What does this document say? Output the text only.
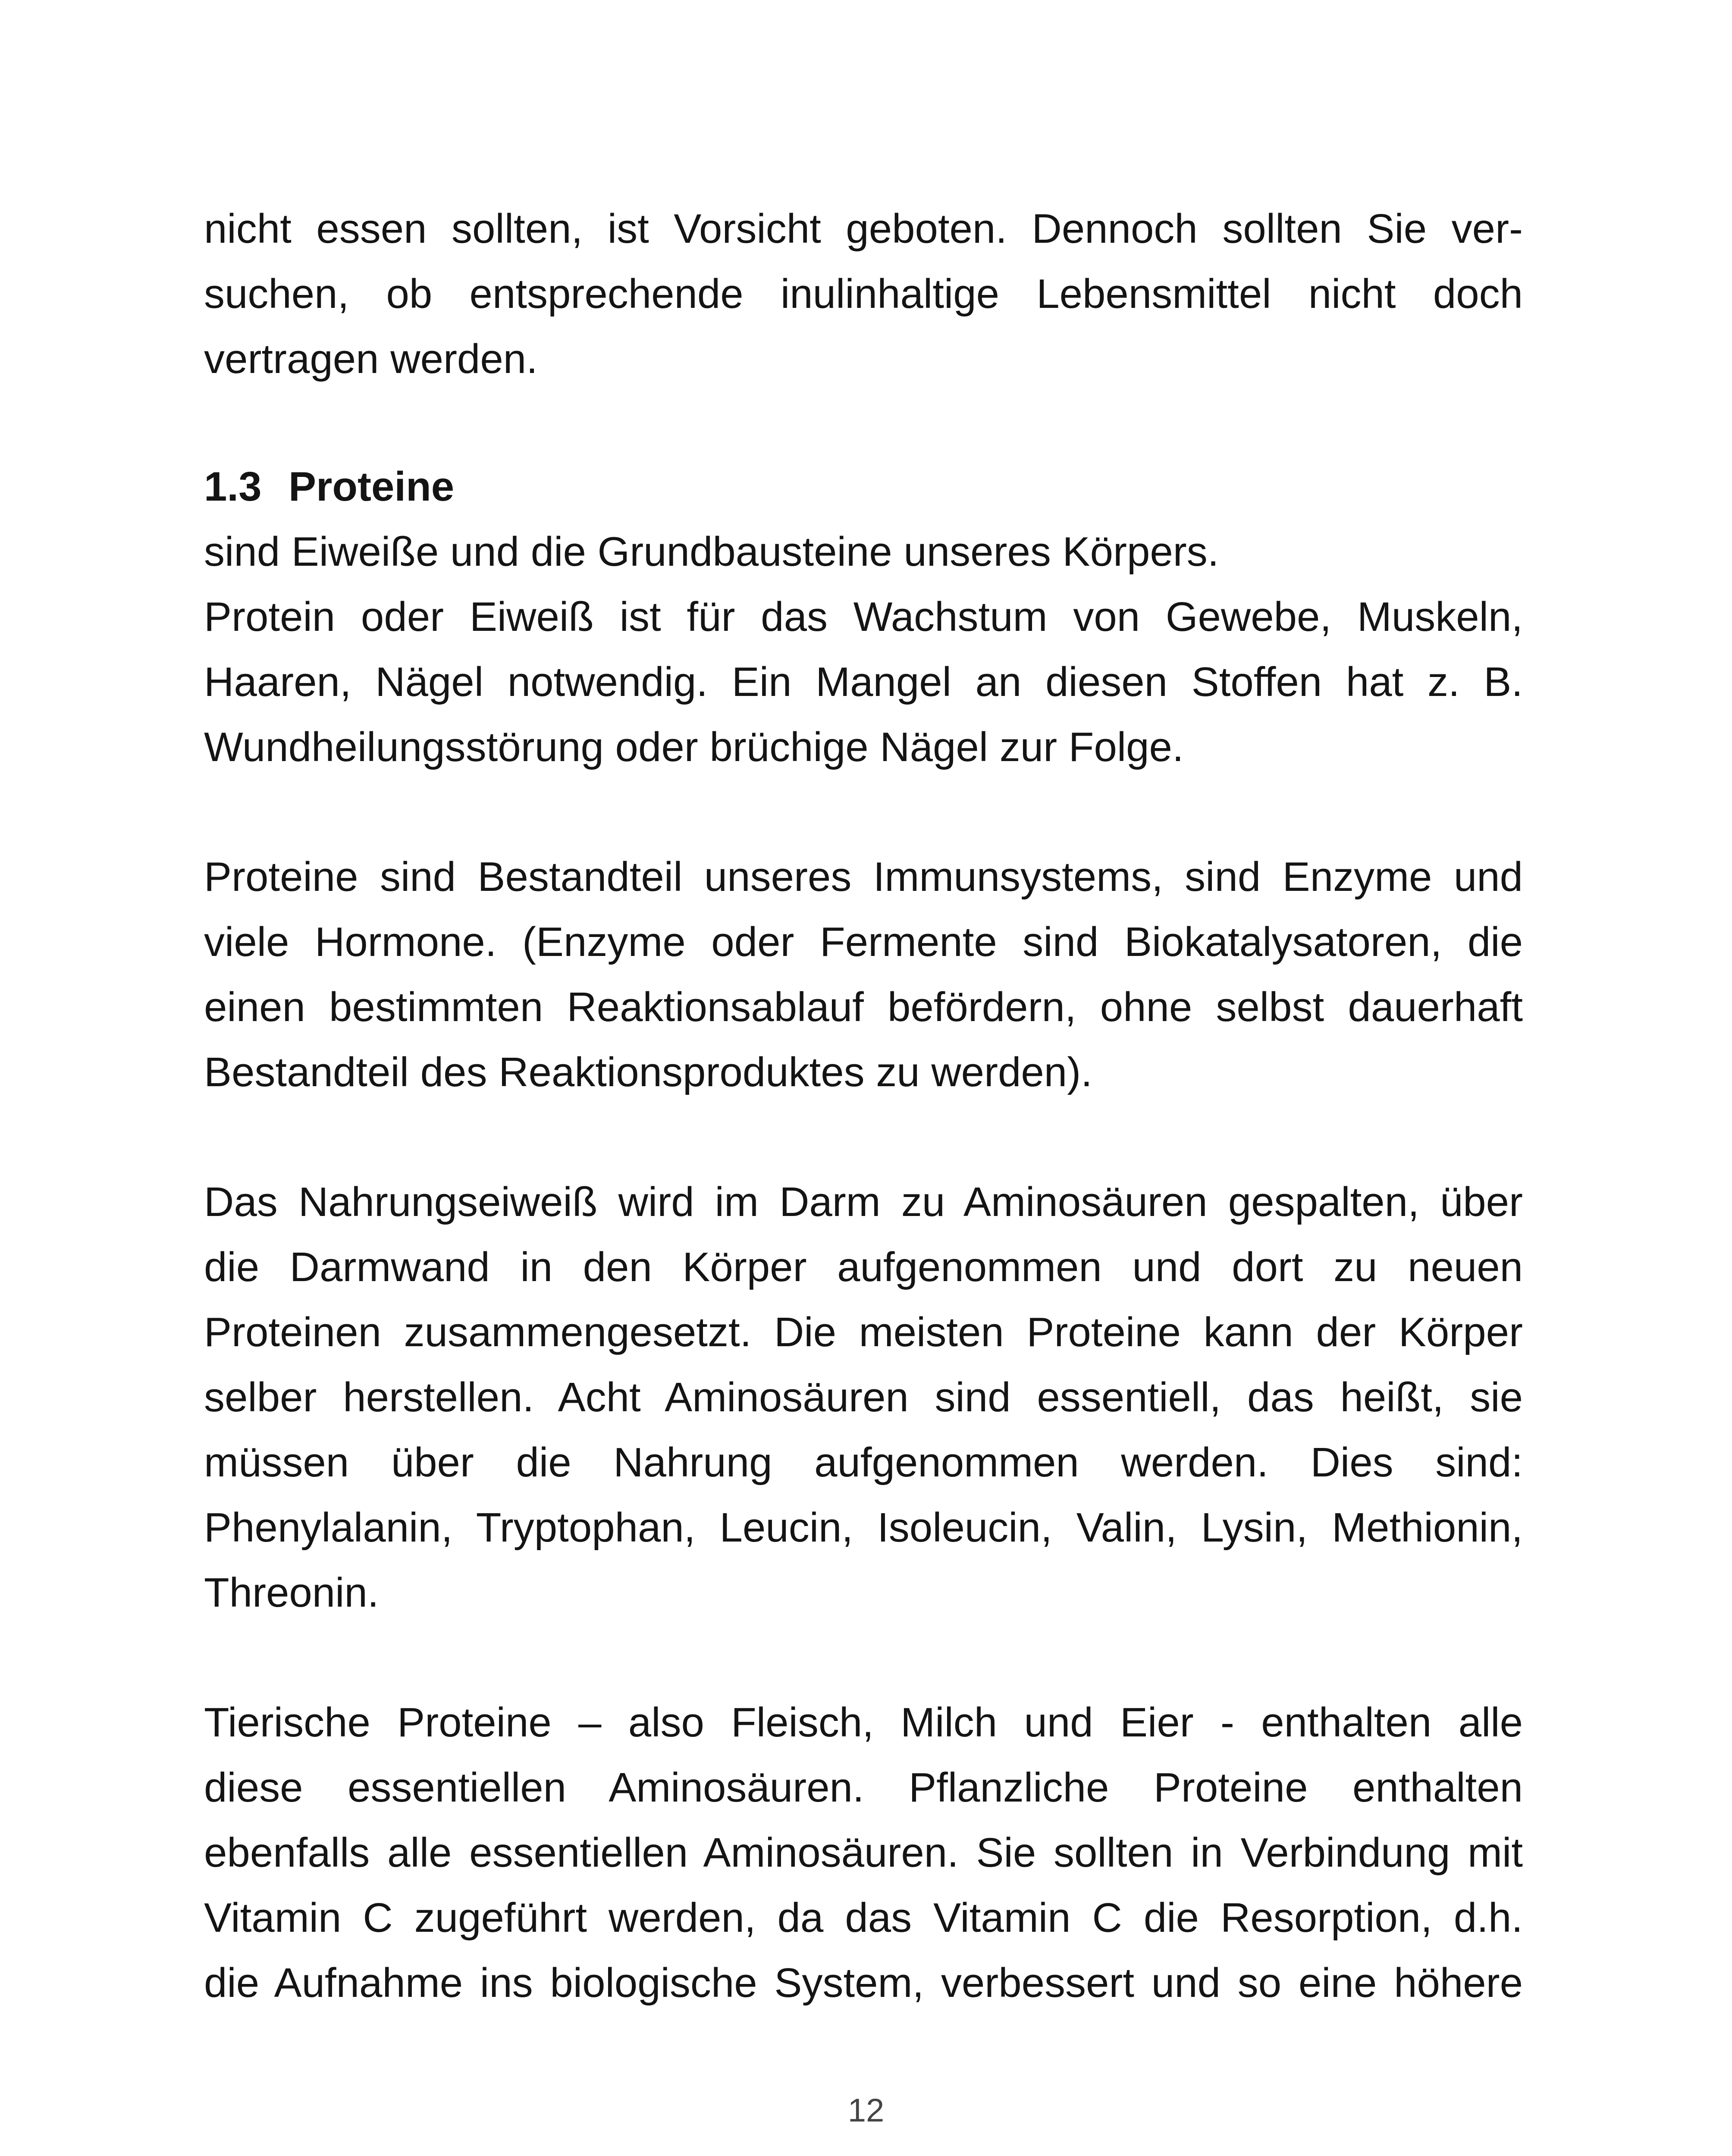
nicht essen sollten, ist Vorsicht geboten. Dennoch sollten Sie ver-
suchen, ob entsprechende inulinhaltige Lebensmittel nicht doch
vertragen werden.
1.3 Proteine
sind Eiweiße und die Grundbausteine unseres Körpers.
Protein oder Eiweiß ist für das Wachstum von Gewebe, Muskeln,
Haaren, Nägel notwendig. Ein Mangel an diesen Stoffen hat z. B.
Wundheilungsstörung oder brüchige Nägel zur Folge.
Proteine sind Bestandteil unseres Immunsystems, sind Enzyme und
viele Hormone. (Enzyme oder Fermente sind Biokatalysatoren, die
einen bestimmten Reaktionsablauf befördern, ohne selbst dauerhaft
Bestandteil des Reaktionsproduktes zu werden).
Das Nahrungseiweiß wird im Darm zu Aminosäuren gespalten, über
die Darmwand in den Körper aufgenommen und dort zu neuen
Proteinen zusammengesetzt. Die meisten Proteine kann der Körper
selber herstellen. Acht Aminosäuren sind essentiell, das heißt, sie
müssen über die Nahrung aufgenommen werden. Dies sind:
Phenylalanin, Tryptophan, Leucin, Isoleucin, Valin, Lysin, Methionin,
Threonin.
Tierische Proteine – also Fleisch, Milch und Eier - enthalten alle
diese essentiellen Aminosäuren. Pflanzliche Proteine enthalten
ebenfalls alle essentiellen Aminosäuren. Sie sollten in Verbindung mit
Vitamin C zugeführt werden, da das Vitamin C die Resorption, d.h.
die Aufnahme ins biologische System, verbessert und so eine höhere
12
